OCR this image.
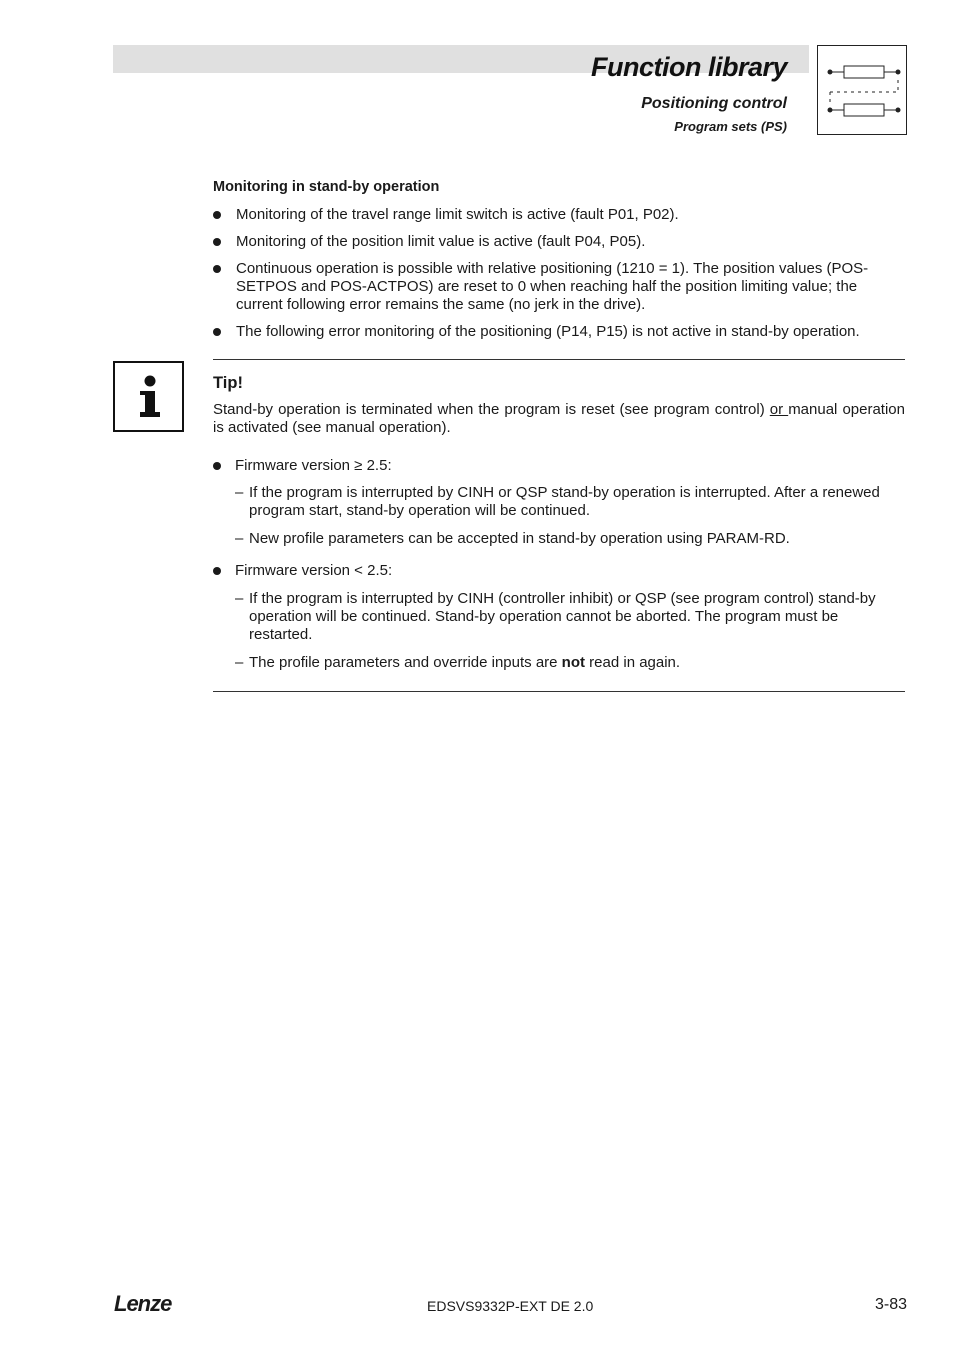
Function library
Positioning control
Program sets (PS)
Monitoring in stand-by operation
Monitoring of the travel range limit switch is active (fault P01, P02).
Monitoring of the position limit value is active (fault P04, P05).
Continuous operation is possible with relative positioning (1210 = 1). The position values (POS-SETPOS and POS-ACTPOS) are reset to 0 when reaching half the position limiting value; the current following error remains the same (no jerk in the drive).
The following error monitoring of the positioning (P14, P15) is not active in stand-by operation.
Tip!
Stand-by operation is terminated when the program is reset (see program control) or manual operation is activated (see manual operation).
Firmware version ≥ 2.5:
– If the program is interrupted by CINH or QSP stand-by operation is interrupted. After a renewed program start, stand-by operation will be continued.
– New profile parameters can be accepted in stand-by operation using PARAM-RD.
Firmware version < 2.5:
– If the program is interrupted by CINH (controller inhibit) or QSP (see program control) stand-by operation will be continued. Stand-by operation cannot be aborted. The program must be restarted.
– The profile parameters and override inputs are not read in again.
Lenze	EDSVS9332P-EXT DE 2.0	3-83
